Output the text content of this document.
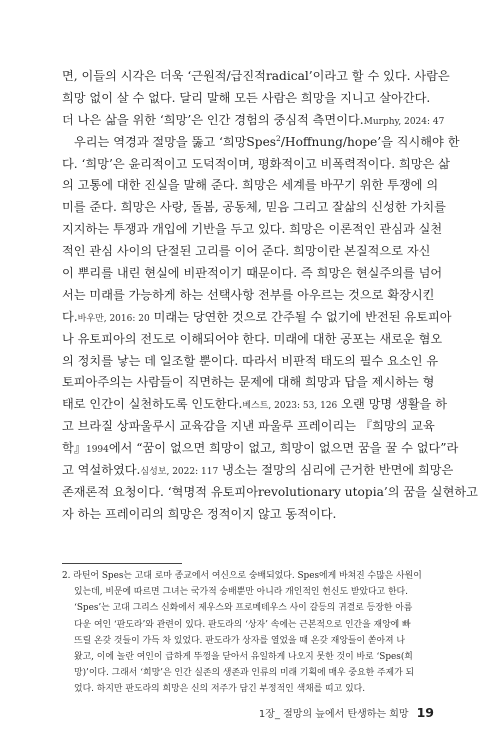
면, 이들의 시각은 더욱 ‘근원적/급진적radical’이라고 할 수 있다. 사람은
희망 없이 살 수 없다. 달리 말해 모든 사람은 희망을 지니고 살아간다.
더 나은 삶을 위한 ‘희망’은 인간 경험의 중심적 측면이다.Murphy, 2024: 47
우리는 역경과 절망을 뚫고 ‘희망Spes$^2$/Hoffnung/hope’을 직시해야 한
다. ‘희망’은 윤리적이고 도덕적이며, 평화적이고 비폭력적이다. 희망은 삶
의 고통에 대한 진실을 말해 준다. 희망은 세계를 바꾸기 위한 투쟁에 의
미를 준다. 희망은 사랑, 돌봄, 공동체, 믿음 그리고 잘삶의 신성한 가치를
지지하는 투쟁과 개입에 기반을 두고 있다. 희망은 이론적인 관심과 실천
적인 관심 사이의 단절된 고리를 이어 준다. 희망이란 본질적으로 자신
이 뿌리를 내린 현실에 비판적이기 때문이다. 즉 희망은 현실주의를 넘어
서는 미래를 가능하게 하는 선택사항 전부를 아우르는 것으로 확장시킨
다.바우만, 2016: 20 미래는 당연한 것으로 간주될 수 없기에 반전된 유토피아
나 유토피아의 전도로 이해되어야 한다. 미래에 대한 공포는 새로운 혐오
의 정치를 낳는 데 일조할 뿐이다. 따라서 비판적 태도의 필수 요소인 유
토피아주의는 사람들이 직면하는 문제에 대해 희망과 답을 제시하는 형
태로 인간이 실천하도록 인도한다.베스트, 2023: 53, 126 오랜 망명 생활을 하
고 브라질 상파울루시 교육감을 지낸 파울루 프레이리는 『희망의 교육
학』1994에서 “꿈이 없으면 희망이 없고, 희망이 없으면 꿈을 꿀 수 없다”라
고 역설하였다.심성보, 2022: 117 냉소는 절망의 심리에 근거한 반면에 희망은
존재론적 요청이다. ‘혁명적 유토피아revolutionary utopia’의 꿈을 실현하고
자 하는 프레이리의 희망은 정적이지 않고 동적이다.
2. 라틴어 Spes는 고대 로마 종교에서 여신으로 숭배되었다. Spes에게 바쳐진 수많은 사원이
있는데, 비문에 따르면 그녀는 국가적 숭배뿐만 아니라 개인적인 헌신도 받았다고 한다.
‘Spes’는 고대 그리스 신화에서 제우스와 프로메테우스 사이 갈등의 귀결로 등장한 아름
다운 여인 ‘판도라’와 관련이 있다. 판도라의 ‘상자’ 속에는 근본적으로 인간을 재앙에 빠
뜨릴 온갖 것들이 가득 차 있었다. 판도라가 상자를 열었을 때 온갖 재앙들이 쏟아져 나
왔고, 이에 놀란 여인이 급하게 뚜껑을 닫아서 유일하게 나오지 못한 것이 바로 ‘Spes(희
망)’이다. 그래서 ‘희망’은 인간 실존의 생존과 인류의 미래 기획에 매우 중요한 주제가 되
었다. 하지만 판도라의 희망은 신의 저주가 담긴 부정적인 색채를 띠고 있다.
1장_ 절망의 늪에서 탄생하는 희망 19
